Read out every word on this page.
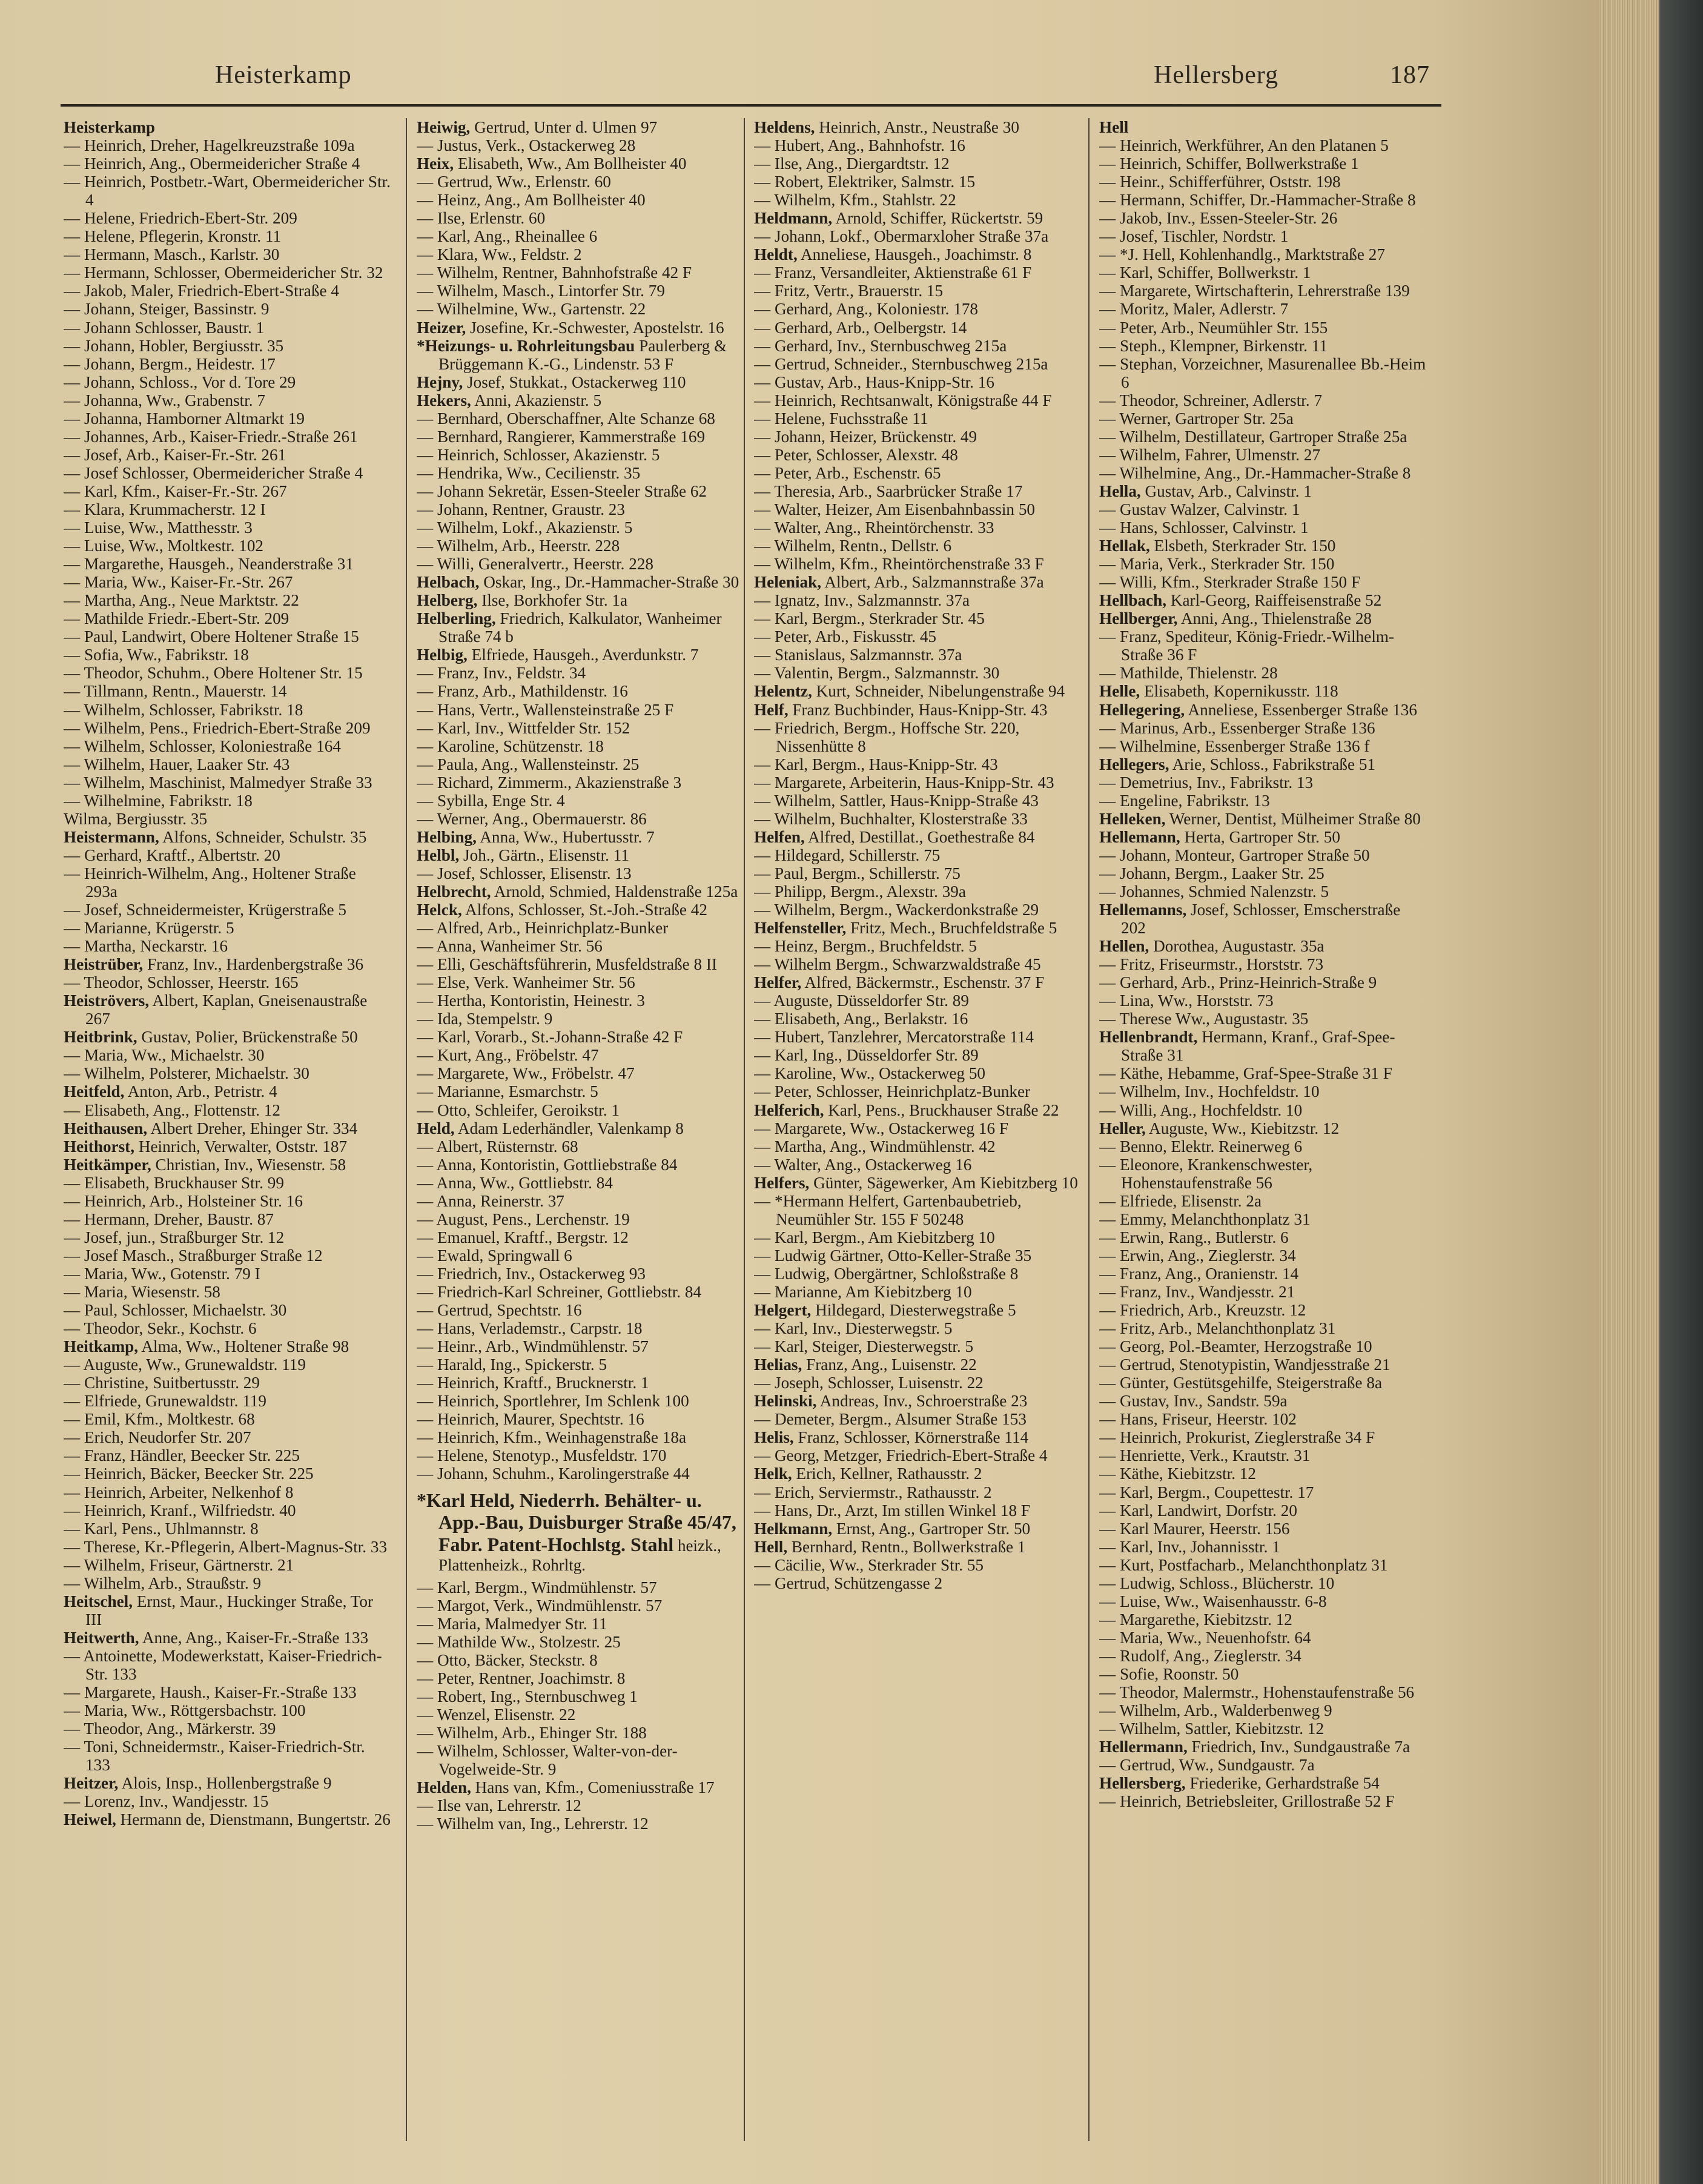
Heisterkamp	Hellersberg	187

Heisterkamp

— Heinrich, Dreher, Hagelkreuzstraße 109a

— Heinrich, Ang., Obermeidericher Straße 4

— Heinrich, Postbetr.-Wart, Obermeidericher Str. 4

— Helene, Friedrich-Ebert-Str. 209

— Helene, Pflegerin, Kronstr. 11

— Hermann, Masch., Karlstr. 30

— Hermann, Schlosser, Obermeidericher Str. 32

— Jakob, Maler, Friedrich-Ebert-Straße 4

— Johann, Steiger, Bassinstr. 9

— Johann Schlosser, Baustr. 1

— Johann, Hobler, Bergiusstr. 35

— Johann, Bergm., Heidestr. 17

— Johann, Schloss., Vor d. Tore 29

— Johanna, Ww., Grabenstr. 7

— Johanna, Hamborner Altmarkt 19

— Johannes, Arb., Kaiser-Friedr.-Straße 261

— Josef, Arb., Kaiser-Fr.-Str. 261

— Josef Schlosser, Obermeidericher Straße 4

— Karl, Kfm., Kaiser-Fr.-Str. 267

— Klara, Krummacherstr. 12 I

— Luise, Ww., Matthesstr. 3

— Luise, Ww., Moltkestr. 102

— Margarethe, Hausgeh., Neanderstraße 31

— Maria, Ww., Kaiser-Fr.-Str. 267

— Martha, Ang., Neue Marktstr. 22

— Mathilde Friedr.-Ebert-Str. 209

— Paul, Landwirt, Obere Holtener Straße 15

— Sofia, Ww., Fabrikstr. 18

— Theodor, Schuhm., Obere Holtener Str. 15

— Tillmann, Rentn., Mauerstr. 14

— Wilhelm, Schlosser, Fabrikstr. 18

— Wilhelm, Pens., Friedrich-Ebert-Straße 209

— Wilhelm, Schlosser, Koloniestraße 164

— Wilhelm, Hauer, Laaker Str. 43

— Wilhelm, Maschinist, Malmedyer Straße 33

— Wilhelmine, Fabrikstr. 18

Wilma, Bergiusstr. 35

Heistermann, Alfons, Schneider, Schulstr. 35

— Gerhard, Kraftf., Albertstr. 20

— Heinrich-Wilhelm, Ang., Holtener Straße 293a

— Josef, Schneidermeister, Krügerstraße 5

— Marianne, Krügerstr. 5

— Martha, Neckarstr. 16

Heistrüber, Franz, Inv., Hardenbergstraße 36

— Theodor, Schlosser, Heerstr. 165

Heiströvers, Albert, Kaplan, Gneisenaustraße 267

Heitbrink, Gustav, Polier, Brückenstraße 50

— Maria, Ww., Michaelstr. 30

— Wilhelm, Polsterer, Michaelstr. 30

Heitfeld, Anton, Arb., Petristr. 4

— Elisabeth, Ang., Flottenstr. 12

Heithausen, Albert Dreher, Ehinger Str. 334

Heithorst, Heinrich, Verwalter, Oststr. 187

Heitkämper, Christian, Inv., Wiesenstr. 58

— Elisabeth, Bruckhauser Str. 99

— Heinrich, Arb., Holsteiner Str. 16

— Hermann, Dreher, Baustr. 87

— Josef, jun., Straßburger Str. 12

— Josef Masch., Straßburger Straße 12

— Maria, Ww., Gotenstr. 79 I

— Maria, Wiesenstr. 58

— Paul, Schlosser, Michaelstr. 30

— Theodor, Sekr., Kochstr. 6

Heitkamp, Alma, Ww., Holtener Straße 98

— Auguste, Ww., Grunewaldstr. 119

— Christine, Suitbertusstr. 29

— Elfriede, Grunewaldstr. 119

— Emil, Kfm., Moltkestr. 68

— Erich, Neudorfer Str. 207

— Franz, Händler, Beecker Str. 225

— Heinrich, Bäcker, Beecker Str. 225

— Heinrich, Arbeiter, Nelkenhof 8

— Heinrich, Kranf., Wilfriedstr. 40

— Karl, Pens., Uhlmannstr. 8

— Therese, Kr.-Pflegerin, Albert-Magnus-Str. 33

— Wilhelm, Friseur, Gärtnerstr. 21

— Wilhelm, Arb., Straußstr. 9

Heitschel, Ernst, Maur., Huckinger Straße, Tor III

Heitwerth, Anne, Ang., Kaiser-Fr.-Straße 133

— Antoinette, Modewerkstatt, Kaiser-Friedrich-Str. 133

— Margarete, Haush., Kaiser-Fr.-Straße 133

— Maria, Ww., Röttgersbachstr. 100

— Theodor, Ang., Märkerstr. 39

— Toni, Schneidermstr., Kaiser-Friedrich-Str. 133

Heitzer, Alois, Insp., Hollenbergstraße 9

— Lorenz, Inv., Wandjesstr. 15

Heiwel, Hermann de, Dienstmann, Bungertstr. 26

Heiwig, Gertrud, Unter d. Ulmen 97

— Justus, Verk., Ostackerweg 28

Heix, Elisabeth, Ww., Am Bollheister 40

— Gertrud, Ww., Erlenstr. 60

— Heinz, Ang., Am Bollheister 40

— Ilse, Erlenstr. 60

— Karl, Ang., Rheinallee 6

— Klara, Ww., Feldstr. 2

— Wilhelm, Rentner, Bahnhofstraße 42 F

— Wilhelm, Masch., Lintorfer Str. 79

— Wilhelmine, Ww., Gartenstr. 22

Heizer, Josefine, Kr.-Schwester, Apostelstr. 16

*Heizungs- u. Rohrleitungsbau Paulerberg & Brüggemann K.-G., Lindenstr. 53 F

Hejny, Josef, Stukkat., Ostackerweg 110

Hekers, Anni, Akazienstr. 5

— Bernhard, Oberschaffner, Alte Schanze 68

— Bernhard, Rangierer, Kammerstraße 169

— Heinrich, Schlosser, Akazienstr. 5

— Hendrika, Ww., Cecilienstr. 35

— Johann Sekretär, Essen-Steeler Straße 62

— Johann, Rentner, Graustr. 23

— Wilhelm, Lokf., Akazienstr. 5

— Wilhelm, Arb., Heerstr. 228

— Willi, Generalvertr., Heerstr. 228

Helbach, Oskar, Ing., Dr.-Hammacher-Straße 30

Helberg, Ilse, Borkhofer Str. 1a

Helberling, Friedrich, Kalkulator, Wanheimer Straße 74 b

Helbig, Elfriede, Hausgeh., Averdunkstr. 7

— Franz, Inv., Feldstr. 34

— Franz, Arb., Mathildenstr. 16

— Hans, Vertr., Wallensteinstraße 25 F

— Karl, Inv., Wittfelder Str. 152

— Karoline, Schützenstr. 18

— Paula, Ang., Wallensteinstr. 25

— Richard, Zimmerm., Akazienstraße 3

— Sybilla, Enge Str. 4

— Werner, Ang., Obermauerstr. 86

Helbing, Anna, Ww., Hubertusstr. 7

Helbl, Joh., Gärtn., Elisenstr. 11

— Josef, Schlosser, Elisenstr. 13

Helbrecht, Arnold, Schmied, Haldenstraße 125a

Helck, Alfons, Schlosser, St.-Joh.-Straße 42

— Alfred, Arb., Heinrichplatz-Bunker

— Anna, Wanheimer Str. 56

— Elli, Geschäftsführerin, Musfeldstraße 8 II

— Else, Verk. Wanheimer Str. 56

— Hertha, Kontoristin, Heinestr. 3

— Ida, Stempelstr. 9

— Karl, Vorarb., St.-Johann-Straße 42 F

— Kurt, Ang., Fröbelstr. 47

— Margarete, Ww., Fröbelstr. 47

— Marianne, Esmarchstr. 5

— Otto, Schleifer, Geroikstr. 1

Held, Adam Lederhändler, Valenkamp 8

— Albert, Rüsternstr. 68

— Anna, Kontoristin, Gottliebstraße 84

— Anna, Ww., Gottliebstr. 84

— Anna, Reinerstr. 37

— August, Pens., Lerchenstr. 19

— Emanuel, Kraftf., Bergstr. 12

— Ewald, Springwall 6

— Friedrich, Inv., Ostackerweg 93

— Friedrich-Karl Schreiner, Gottliebstr. 84

— Gertrud, Spechtstr. 16

— Hans, Verlademstr., Carpstr. 18

— Heinr., Arb., Windmühlenstr. 57

— Harald, Ing., Spickerstr. 5

— Heinrich, Kraftf., Brucknerstr. 1

— Heinrich, Sportlehrer, Im Schlenk 100

— Heinrich, Maurer, Spechtstr. 16

— Heinrich, Kfm., Weinhagenstraße 18a

— Helene, Stenotyp., Musfeldstr. 170

— Johann, Schuhm., Karolingerstraße 44

*Karl Held, Niederrh. Behälter- u. App.-Bau, Duisburger Straße 45/47, Fabr. Patent-Hochlstg. Stahl heizk., Plattenheizk., Rohrltg.

— Karl, Bergm., Windmühlenstr. 57

— Margot, Verk., Windmühlenstr. 57

— Maria, Malmedyer Str. 11

— Mathilde Ww., Stolzestr. 25

— Otto, Bäcker, Steckstr. 8

— Peter, Rentner, Joachimstr. 8

— Robert, Ing., Sternbuschweg 1

— Wenzel, Elisenstr. 22

— Wilhelm, Arb., Ehinger Str. 188

— Wilhelm, Schlosser, Walter-von-der-Vogelweide-Str. 9

Helden, Hans van, Kfm., Comeniusstraße 17

— Ilse van, Lehrerstr. 12

— Wilhelm van, Ing., Lehrerstr. 12

Heldens, Heinrich, Anstr., Neustraße 30

— Hubert, Ang., Bahnhofstr. 16

— Ilse, Ang., Diergardtstr. 12

— Robert, Elektriker, Salmstr. 15

— Wilhelm, Kfm., Stahlstr. 22

Heldmann, Arnold, Schiffer, Rückertstr. 59

— Johann, Lokf., Obermarxloher Straße 37a

Heldt, Anneliese, Hausgeh., Joachimstr. 8

— Franz, Versandleiter, Aktienstraße 61 F

— Fritz, Vertr., Brauerstr. 15

— Gerhard, Ang., Koloniestr. 178

— Gerhard, Arb., Oelbergstr. 14

— Gerhard, Inv., Sternbuschweg 215a

— Gertrud, Schneider., Sternbuschweg 215a

— Gustav, Arb., Haus-Knipp-Str. 16

— Heinrich, Rechtsanwalt, Königstraße 44 F

— Helene, Fuchsstraße 11

— Johann, Heizer, Brückenstr. 49

— Peter, Schlosser, Alexstr. 48

— Peter, Arb., Eschenstr. 65

— Theresia, Arb., Saarbrücker Straße 17

— Walter, Heizer, Am Eisenbahnbassin 50

— Walter, Ang., Rheintörchenstr. 33

— Wilhelm, Rentn., Dellstr. 6

— Wilhelm, Kfm., Rheintörchenstraße 33 F

Heleniak, Albert, Arb., Salzmannstraße 37a

— Ignatz, Inv., Salzmannstr. 37a

— Karl, Bergm., Sterkrader Str. 45

— Peter, Arb., Fiskusstr. 45

— Stanislaus, Salzmannstr. 37a

— Valentin, Bergm., Salzmannstr. 30

Helentz, Kurt, Schneider, Nibelungenstraße 94

Helf, Franz Buchbinder, Haus-Knipp-Str. 43

— Friedrich, Bergm., Hoffsche Str. 220, Nissenhütte 8

— Karl, Bergm., Haus-Knipp-Str. 43

— Margarete, Arbeiterin, Haus-Knipp-Str. 43

— Wilhelm, Sattler, Haus-Knipp-Straße 43

— Wilhelm, Buchhalter, Klosterstraße 33

Helfen, Alfred, Destillat., Goethestraße 84

— Hildegard, Schillerstr. 75

— Paul, Bergm., Schillerstr. 75

— Philipp, Bergm., Alexstr. 39a

— Wilhelm, Bergm., Wackerdonkstraße 29

Helfensteller, Fritz, Mech., Bruchfeldstraße 5

— Heinz, Bergm., Bruchfeldstr. 5

— Wilhelm Bergm., Schwarzwaldstraße 45

Helfer, Alfred, Bäckermstr., Eschenstr. 37 F

— Auguste, Düsseldorfer Str. 89

— Elisabeth, Ang., Berlakstr. 16

— Hubert, Tanzlehrer, Mercatorstraße 114

— Karl, Ing., Düsseldorfer Str. 89

— Karoline, Ww., Ostackerweg 50

— Peter, Schlosser, Heinrichplatz-Bunker

Helferich, Karl, Pens., Bruckhauser Straße 22

— Margarete, Ww., Ostackerweg 16 F

— Martha, Ang., Windmühlenstr. 42

— Walter, Ang., Ostackerweg 16

Helfers, Günter, Sägewerker, Am Kiebitzberg 10

— *Hermann Helfert, Gartenbaubetrieb, Neumühler Str. 155 F 50248

— Karl, Bergm., Am Kiebitzberg 10

— Ludwig Gärtner, Otto-Keller-Straße 35

— Ludwig, Obergärtner, Schloßstraße 8

— Marianne, Am Kiebitzberg 10

Helgert, Hildegard, Diesterwegstraße 5

— Karl, Inv., Diesterwegstr. 5

— Karl, Steiger, Diesterwegstr. 5

Helias, Franz, Ang., Luisenstr. 22

— Joseph, Schlosser, Luisenstr. 22

Helinski, Andreas, Inv., Schroerstraße 23

— Demeter, Bergm., Alsumer Straße 153

Helis, Franz, Schlosser, Körnerstraße 114

— Georg, Metzger, Friedrich-Ebert-Straße 4

Helk, Erich, Kellner, Rathausstr. 2

— Erich, Serviermstr., Rathausstr. 2

— Hans, Dr., Arzt, Im stillen Winkel 18 F

Helkmann, Ernst, Ang., Gartroper Str. 50

Hell, Bernhard, Rentn., Bollwerkstraße 1

— Cäcilie, Ww., Sterkrader Str. 55

— Gertrud, Schützengasse 2

Hell

— Heinrich, Werkführer, An den Platanen 5

— Heinrich, Schiffer, Bollwerkstraße 1

— Heinr., Schifferführer, Oststr. 198

— Hermann, Schiffer, Dr.-Hammacher-Straße 8

— Jakob, Inv., Essen-Steeler-Str. 26

— Josef, Tischler, Nordstr. 1

— *J. Hell, Kohlenhandlg., Marktstraße 27

— Karl, Schiffer, Bollwerkstr. 1

— Margarete, Wirtschafterin, Lehrerstraße 139

— Moritz, Maler, Adlerstr. 7

— Peter, Arb., Neumühler Str. 155

— Steph., Klempner, Birkenstr. 11

— Stephan, Vorzeichner, Masurenallee Bb.-Heim 6

— Theodor, Schreiner, Adlerstr. 7

— Werner, Gartroper Str. 25a

— Wilhelm, Destillateur, Gartroper Straße 25a

— Wilhelm, Fahrer, Ulmenstr. 27

— Wilhelmine, Ang., Dr.-Hammacher-Straße 8

Hella, Gustav, Arb., Calvinstr. 1

— Gustav Walzer, Calvinstr. 1

— Hans, Schlosser, Calvinstr. 1

Hellak, Elsbeth, Sterkrader Str. 150

— Maria, Verk., Sterkrader Str. 150

— Willi, Kfm., Sterkrader Straße 150 F

Hellbach, Karl-Georg, Raiffeisenstraße 52

Hellberger, Anni, Ang., Thielenstraße 28

— Franz, Spediteur, König-Friedr.-Wilhelm-Straße 36 F

— Mathilde, Thielenstr. 28

Helle, Elisabeth, Kopernikusstr. 118

Hellegering, Anneliese, Essenberger Straße 136

— Marinus, Arb., Essenberger Straße 136

— Wilhelmine, Essenberger Straße 136 f

Hellegers, Arie, Schloss., Fabrikstraße 51

— Demetrius, Inv., Fabrikstr. 13

— Engeline, Fabrikstr. 13

Helleken, Werner, Dentist, Mülheimer Straße 80

Hellemann, Herta, Gartroper Str. 50

— Johann, Monteur, Gartroper Straße 50

— Johann, Bergm., Laaker Str. 25

— Johannes, Schmied Nalenzstr. 5

Hellemanns, Josef, Schlosser, Emscherstraße 202

Hellen, Dorothea, Augustastr. 35a

— Fritz, Friseurmstr., Horststr. 73

— Gerhard, Arb., Prinz-Heinrich-Straße 9

— Lina, Ww., Horststr. 73

— Therese Ww., Augustastr. 35

Hellenbrandt, Hermann, Kranf., Graf-Spee-Straße 31

— Käthe, Hebamme, Graf-Spee-Straße 31 F

— Wilhelm, Inv., Hochfeldstr. 10

— Willi, Ang., Hochfeldstr. 10

Heller, Auguste, Ww., Kiebitzstr. 12

— Benno, Elektr. Reinerweg 6

— Eleonore, Krankenschwester, Hohenstaufenstraße 56

— Elfriede, Elisenstr. 2a

— Emmy, Melanchthonplatz 31

— Erwin, Rang., Butlerstr. 6

— Erwin, Ang., Zieglerstr. 34

— Franz, Ang., Oranienstr. 14

— Franz, Inv., Wandjesstr. 21

— Friedrich, Arb., Kreuzstr. 12

— Fritz, Arb., Melanchthonplatz 31

— Georg, Pol.-Beamter, Herzogstraße 10

— Gertrud, Stenotypistin, Wandjesstraße 21

— Günter, Gestütsgehilfe, Steigerstraße 8a

— Gustav, Inv., Sandstr. 59a

— Hans, Friseur, Heerstr. 102

— Heinrich, Prokurist, Zieglerstraße 34 F

— Henriette, Verk., Krautstr. 31

— Käthe, Kiebitzstr. 12

— Karl, Bergm., Coupettestr. 17

— Karl, Landwirt, Dorfstr. 20

— Karl Maurer, Heerstr. 156

— Karl, Inv., Johannisstr. 1

— Kurt, Postfacharb., Melanchthonplatz 31

— Ludwig, Schloss., Blücherstr. 10

— Luise, Ww., Waisenhausstr. 6-8

— Margarethe, Kiebitzstr. 12

— Maria, Ww., Neuenhofstr. 64

— Rudolf, Ang., Zieglerstr. 34

— Sofie, Roonstr. 50

— Theodor, Malermstr., Hohenstaufenstraße 56

— Wilhelm, Arb., Walderbenweg 9

— Wilhelm, Sattler, Kiebitzstr. 12

Hellermann, Friedrich, Inv., Sundgaustraße 7a

— Gertrud, Ww., Sundgaustr. 7a

Hellersberg, Friederike, Gerhardstraße 54

— Heinrich, Betriebsleiter, Grillostraße 52 F
